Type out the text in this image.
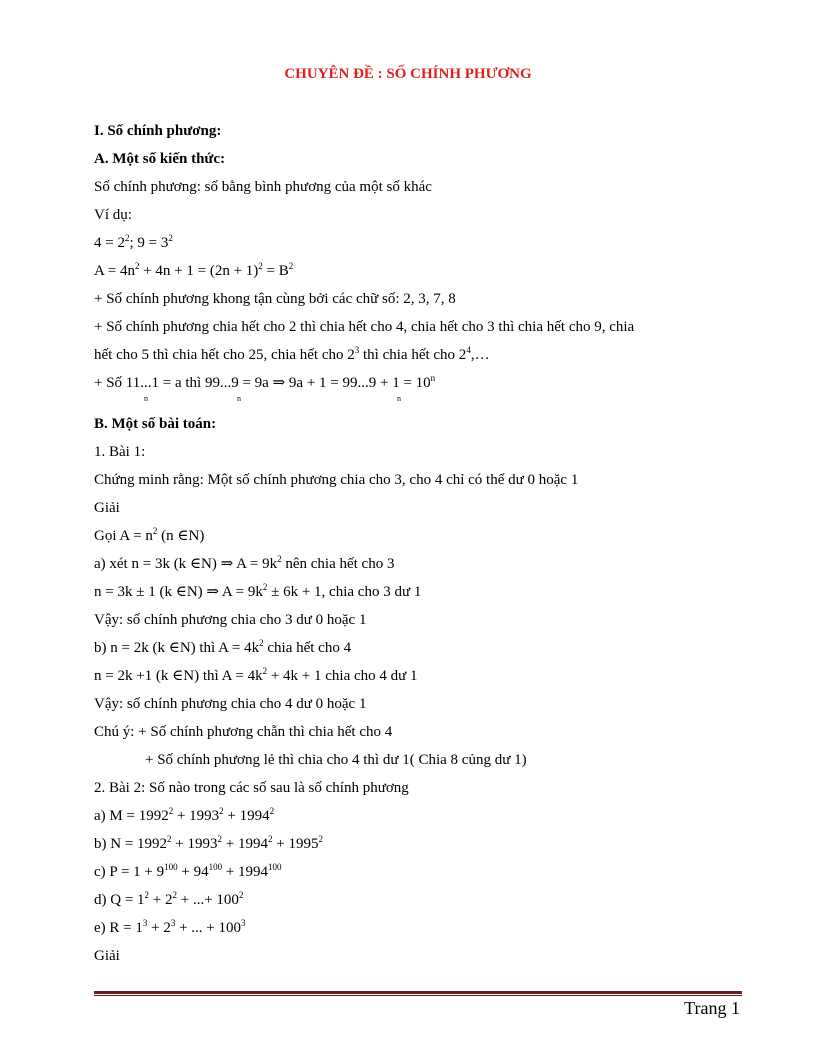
CHUYÊN ĐỀ : SỐ CHÍNH PHƯƠNG
I. Số chính phương:
A. Một số kiến thức:
Số chính phương: số bằng bình phương của một số khác
Ví dụ:
$4 = 2^2$; $9 = 3^2$
$A = 4n^2 + 4n + 1 = (2n + 1)^2 = B^2$
+ Số chính phương khong tận cùng bởi các chữ số: 2, 3, 7, 8
+ Số chính phương chia hết cho 2 thì chia hết cho 4, chia hết cho 3 thì chia hết cho 9, chia
hết cho 5 thì chia hết cho 25, chia hết cho $2^3$ thì chia hết cho $2^4,\dots$
+ Số 11...1 = a thì 99...9 = 9a ⇒ $9a + 1 = 99...9 + 1 = 10^n$
n	n	n
B. Một số bài toán:
1. Bài 1:
Chứng minh rằng: Một số chính phương chia cho 3, cho 4 chỉ có thể dư 0 hoặc 1
Giải
Gọi $A = n^2$ (n ∈N)
a) xét n = 3k (k ∈N) ⇒ $A = 9k^2$ nên chia hết cho 3
n = 3k ± 1 (k ∈N) ⇒ $A = 9k^2 \pm 6k + 1$, chia cho 3 dư 1
Vậy: số chính phương chia cho 3 dư 0 hoặc 1
b) n = 2k (k ∈N) thì $A = 4k^2$ chia hết cho 4
n = 2k +1 (k ∈N) thì $A = 4k^2 + 4k + 1$ chia cho 4 dư 1
Vậy: số chính phương chia cho 4 dư 0 hoặc 1
Chú ý: + Số chính phương chẵn thì chia hết cho 4
+ Số chính phương lẻ thì chia cho 4 thì dư 1( Chia 8 củng dư 1)
2. Bài 2: Số nào trong các số sau là số chính phương
a) $M = 1992^2 + 1993^2 + 1994^2$
b) $N = 1992^2 + 1993^2 + 1994^2 + 1995^2$
c) $P = 1 + 9^{100} + 94^{100} + 1994^{100}$
d) $Q = 1^2 + 2^2$ + ...+ $100^2$
e) $R = 1^3 + 2^3$ + ... + $100^3$
Giải
Trang 1
